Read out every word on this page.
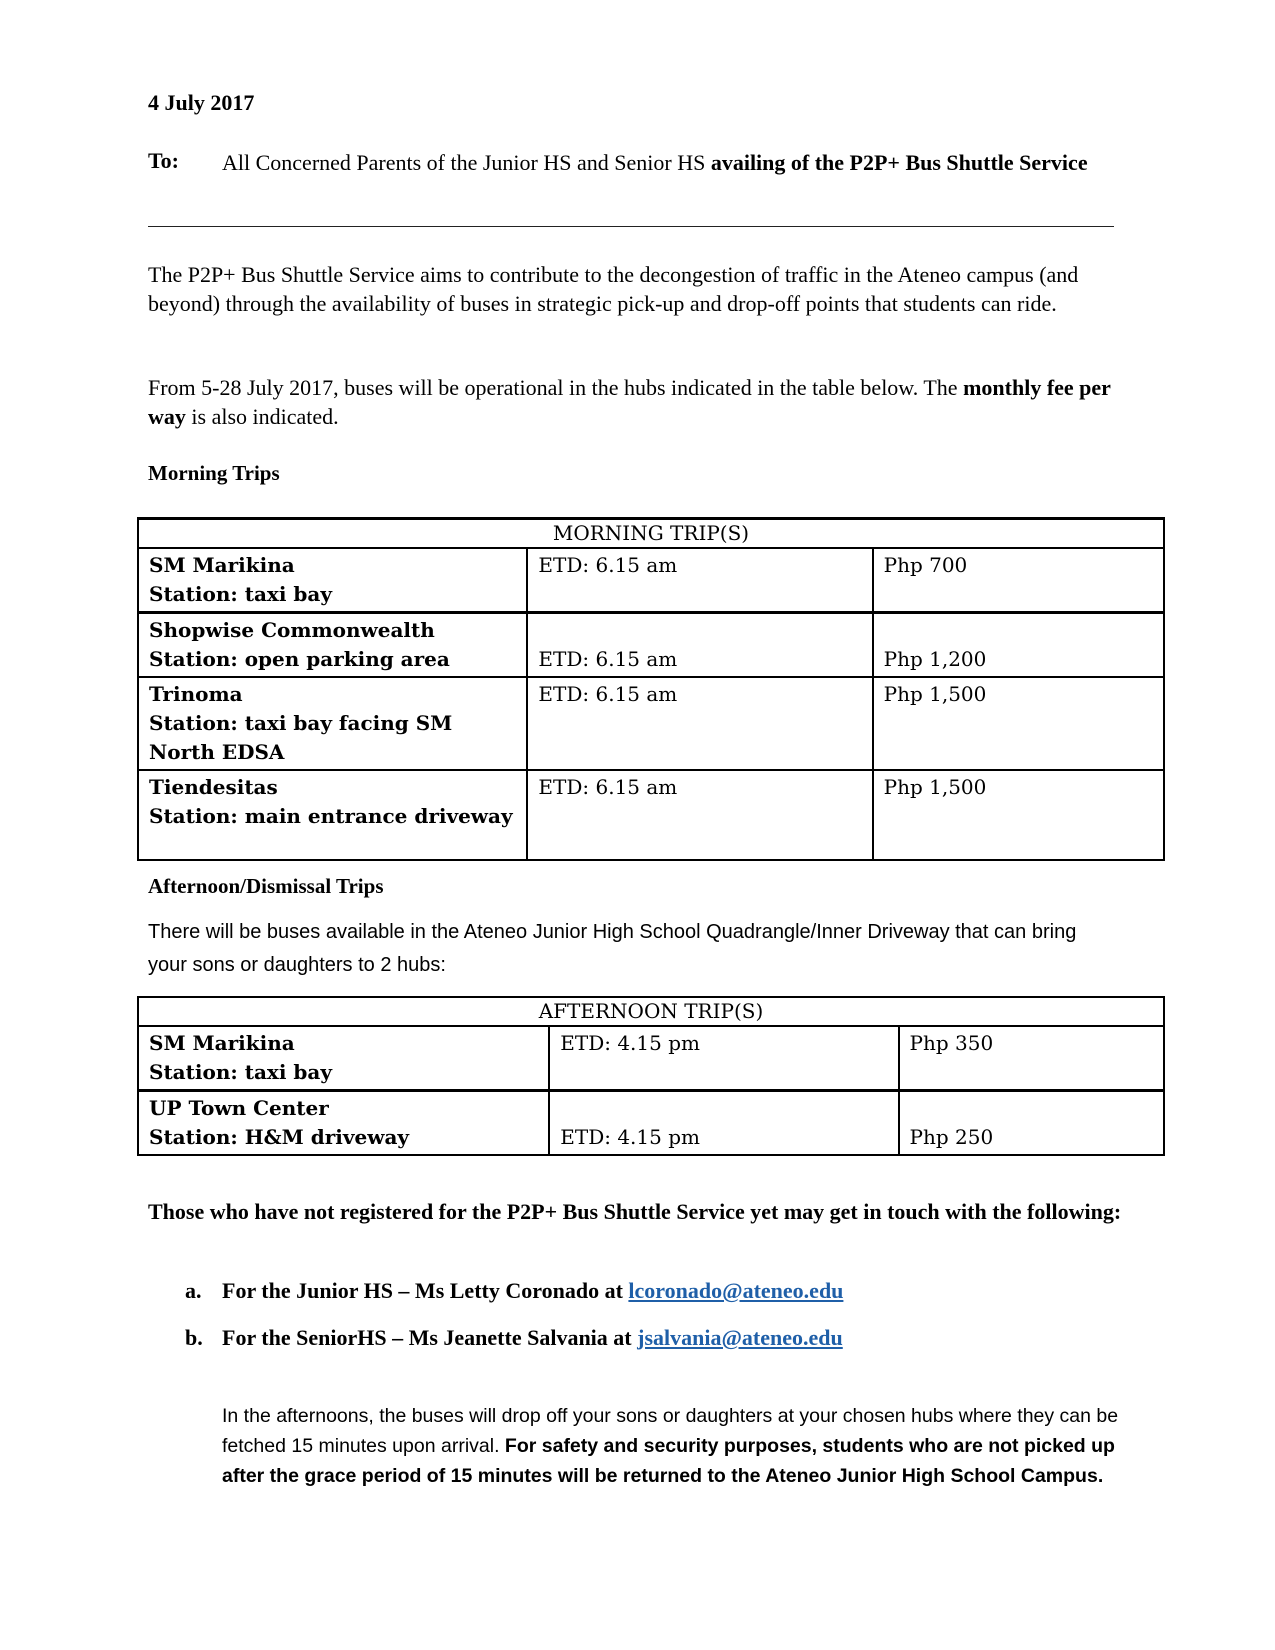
4 July 2017
To: All Concerned Parents of the Junior HS and Senior HS availing of the P2P+ Bus Shuttle Service
The P2P+ Bus Shuttle Service aims to contribute to the decongestion of traffic in the Ateneo campus (and beyond) through the availability of buses in strategic pick-up and drop-off points that students can ride.
From 5-28 July 2017, buses will be operational in the hubs indicated in the table below. The monthly fee per way is also indicated.
Morning Trips
MORNING TRIP(S)		

SM Marikina
Station: taxi bay	ETD: 6.15 am	Php 700

Shopwise Commonwealth
Station: open parking area	ETD: 6.15 am	Php 1,200

Trinoma
Station: taxi bay facing SM North EDSA	ETD: 6.15 am	Php 1,500

Tiendesitas
Station: main entrance driveway	ETD: 6.15 am	Php 1,500
Afternoon/Dismissal Trips
There will be buses available in the Ateneo Junior High School Quadrangle/Inner Driveway that can bring your sons or daughters to 2 hubs:
AFTERNOON TRIP(S)		

SM Marikina
Station: taxi bay	ETD: 4.15 pm	Php 350

UP Town Center
Station: H&M driveway	ETD: 4.15 pm	Php 250
Those who have not registered for the P2P+ Bus Shuttle Service yet may get in touch with the following:
a. For the Junior HS – Ms Letty Coronado at lcoronado@ateneo.edu
b. For the SeniorHS – Ms Jeanette Salvania at jsalvania@ateneo.edu
In the afternoons, the buses will drop off your sons or daughters at your chosen hubs where they can be fetched 15 minutes upon arrival. For safety and security purposes, students who are not picked up after the grace period of 15 minutes will be returned to the Ateneo Junior High School Campus.
